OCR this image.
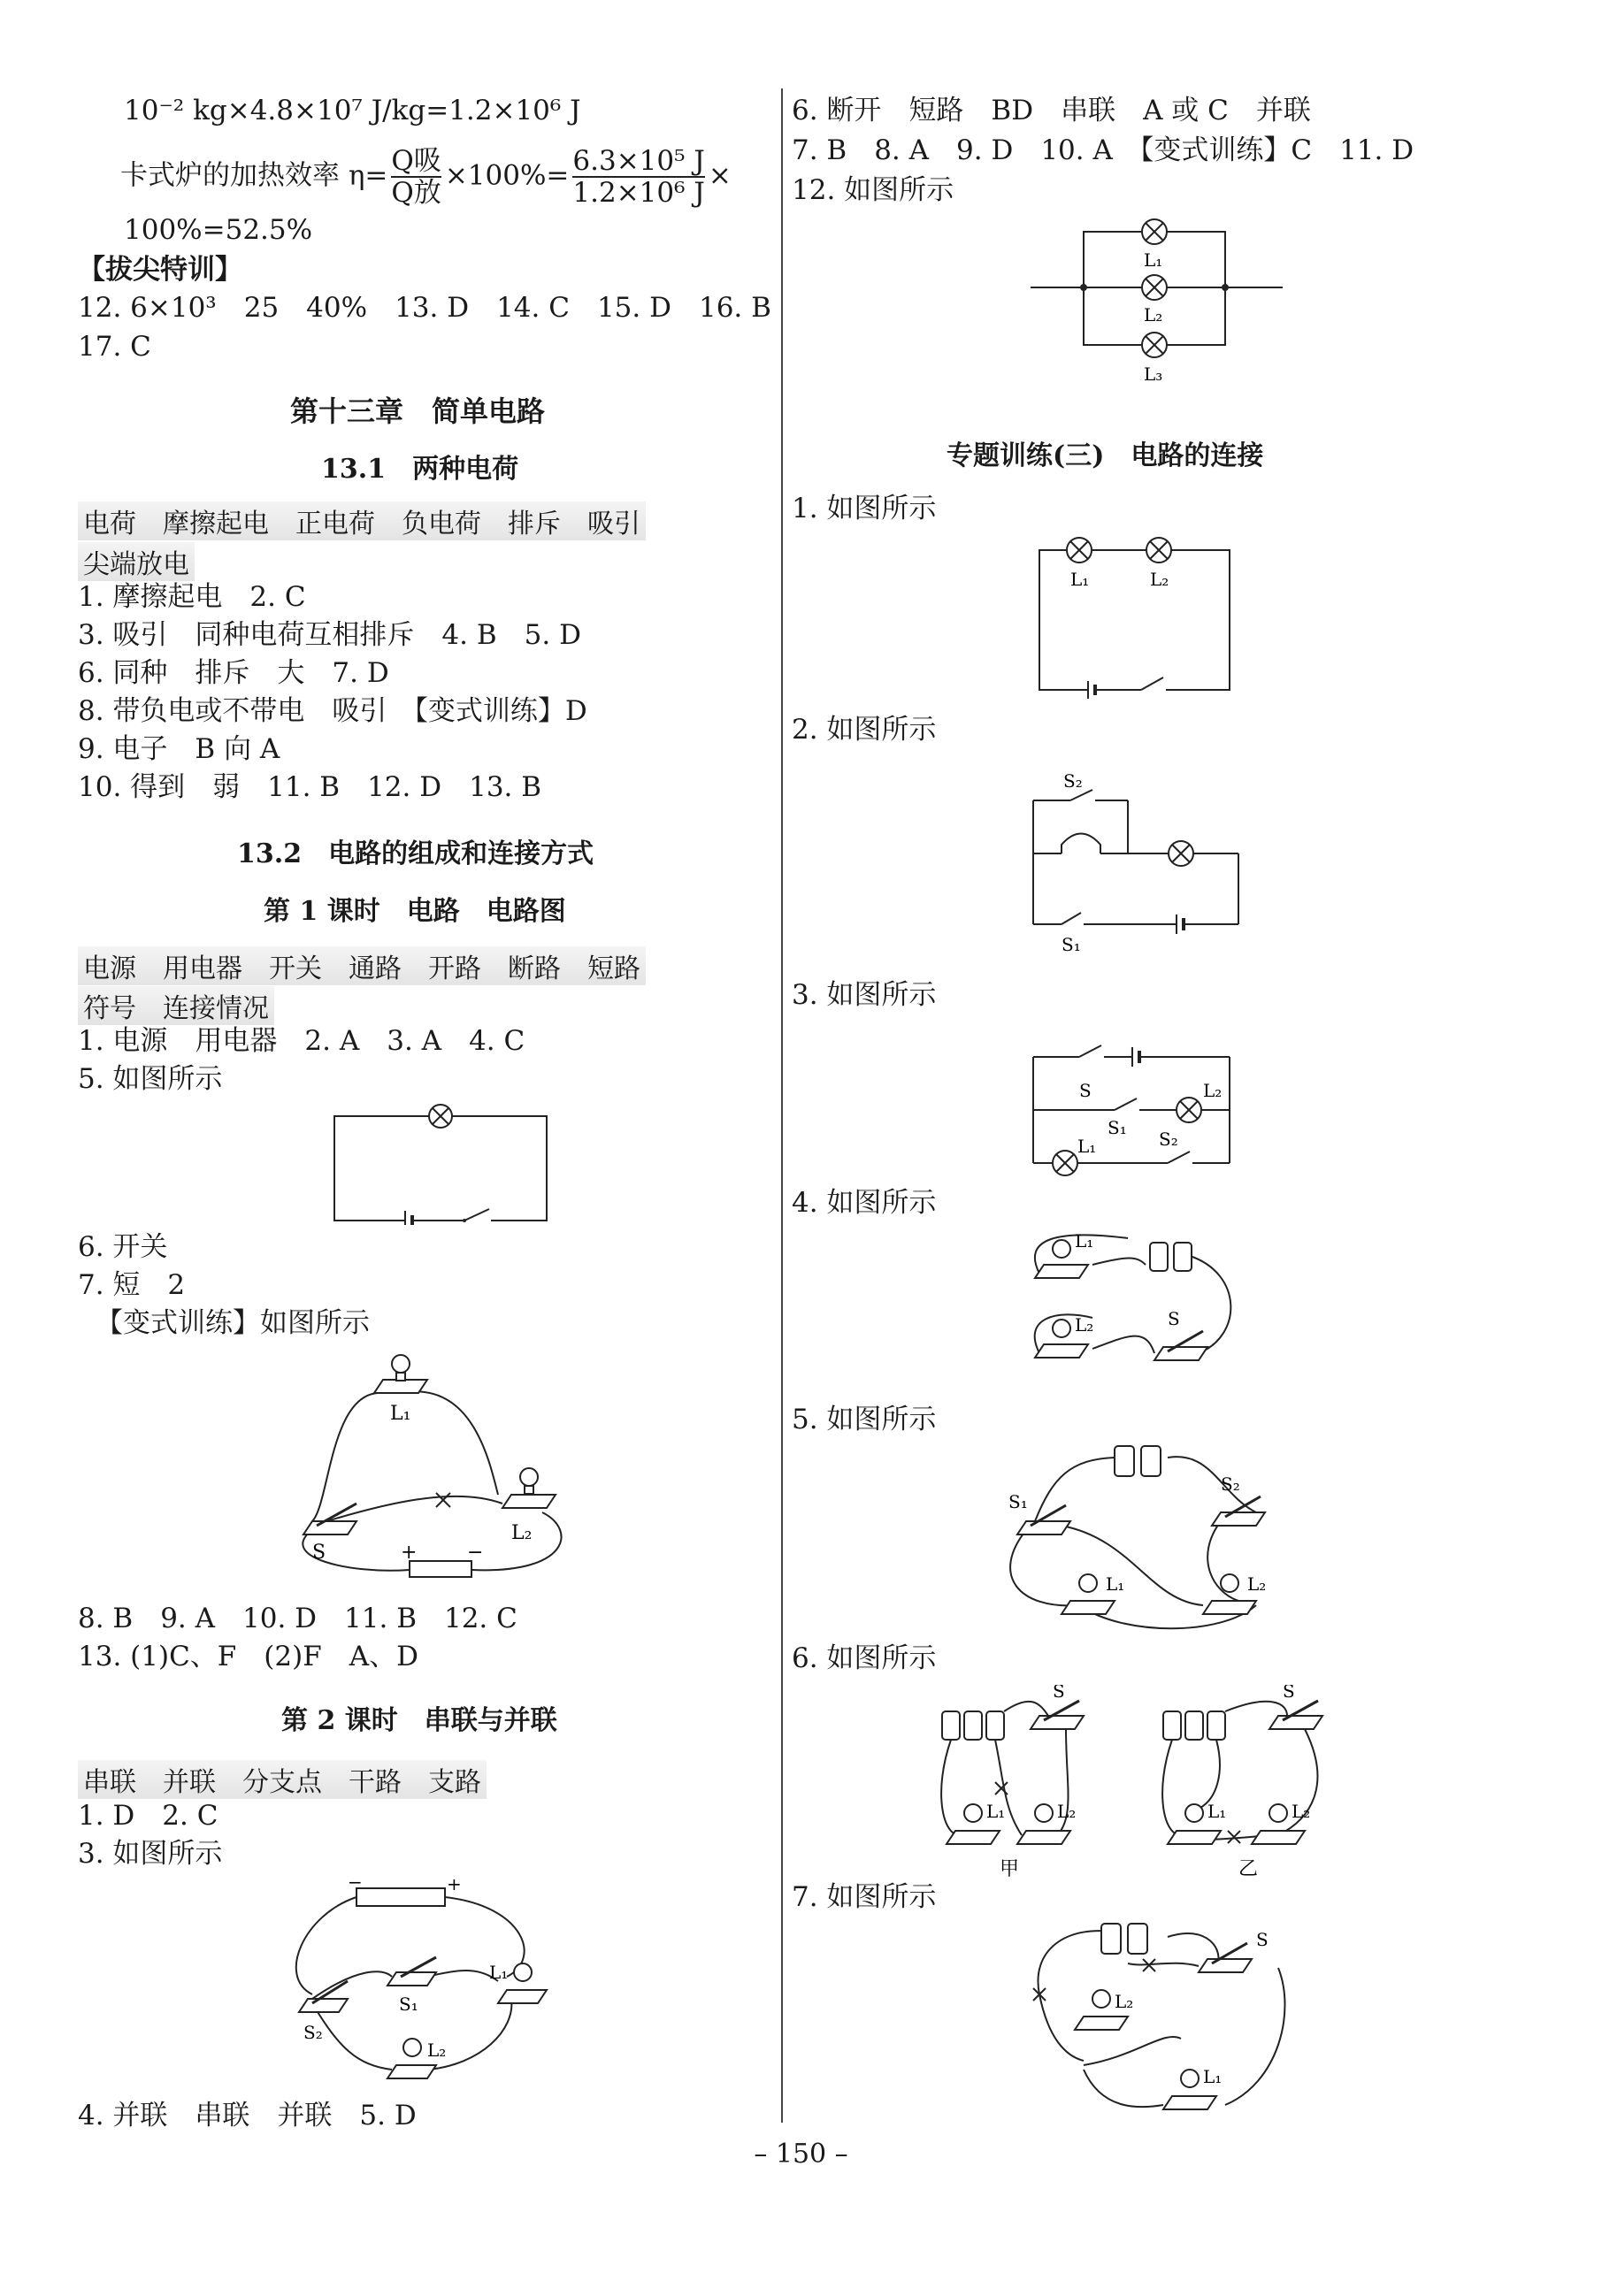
10⁻² kg×4.8×10⁷ J/kg=1.2×10⁶ J
卡式炉的加热效率 $\eta= \frac{\text{Q吸}}{\text{Q放}} \times 100\%= \frac{\text{6.3×10⁵ J}}{\text{1.2×10⁶ J}}$ ×
100%=52.5%
【拔尖特训】
12. 6×10³　25　40%　13. D　14. C　15. D　16. B
17. C
第十三章　简单电路
13.1　两种电荷
电荷　摩擦起电　正电荷　负电荷　排斥　吸引
尖端放电
1. 摩擦起电　2. C
3. 吸引　同种电荷互相排斥　4. B　5. D
6. 同种　排斥　大　7. D
8. 带负电或不带电　吸引　【变式训练】D
9. 电子　B 向 A
10. 得到　弱　11. B　12. D　13. B
13.2　电路的组成和连接方式
第 1 课时　电路　电路图
电源　用电器　开关　通路　开路　断路　短路
符号　连接情况
1. 电源　用电器　2. A　3. A　4. C
5. 如图所示
6. 开关
7. 短　2
【变式训练】如图所示
L₁
L₂
S	+	−
8. B　9. A　10. D　11. B　12. C
13. (1)C、F　(2)F　A、D
第 2 课时　串联与并联
串联　并联　分支点　干路　支路
1. D　2. C
3. 如图所示
−	+
S₂
S₁
L₁
L₂
4. 并联　串联　并联　5. D
6. 断开　短路　BD　串联　A 或 C　并联
7. B　8. A　9. D　10. A　【变式训练】C　11. D
12. 如图所示
L₁
L₂
L₃
专题训练(三)　电路的连接
1. 如图所示
L₁	L₂
2. 如图所示
S₂
S₁
3. 如图所示
S	L₂
S₁
L₁	S₂
4. 如图所示
L₁
L₂	S
5. 如图所示
S₁
S₂
L₁	L₂
6. 如图所示
S
L₁	L₂
甲
S
L₁	L₂
乙
7. 如图所示
S
L₂
L₁
– 150 –
